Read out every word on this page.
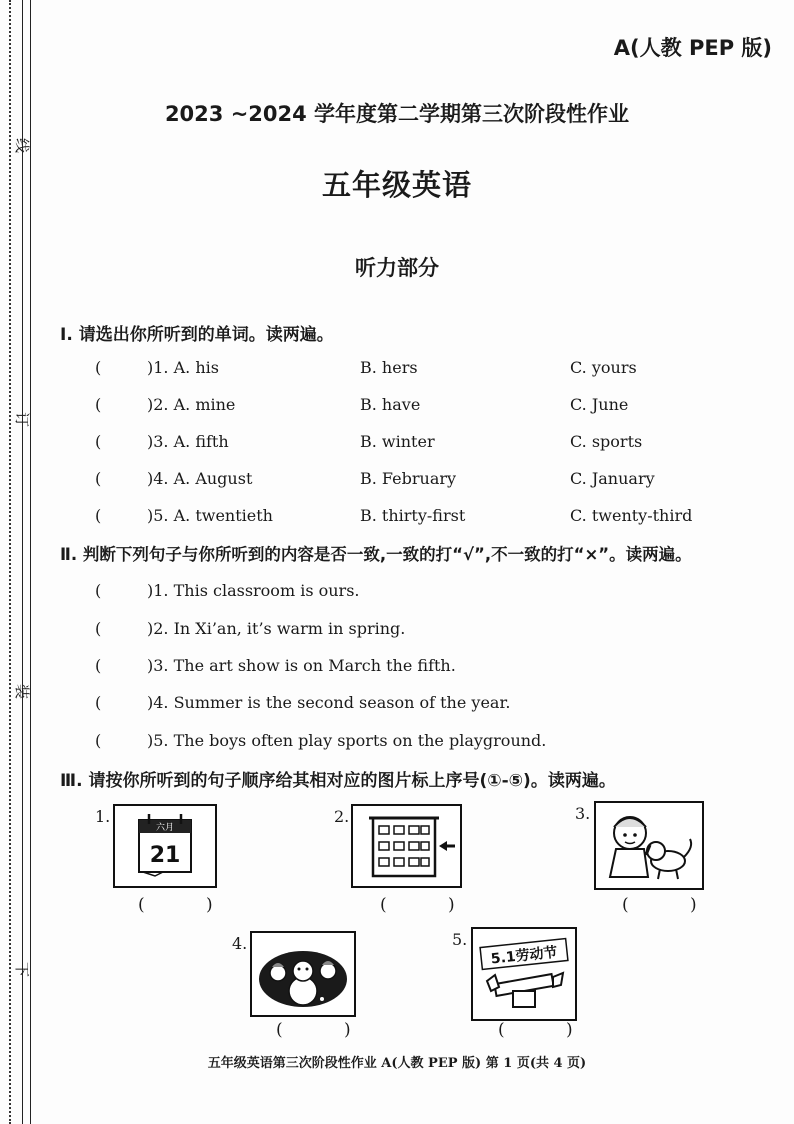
线
订
装
下
A(人教 PEP 版)
2023 ~2024 学年度第二学期第三次阶段性作业
五年级英语
听力部分
Ⅰ. 请选出你所听到的单词。读两遍。
(	)1. A. his	B. hers	C. yours
(	)2. A. mine	B. have	C. June
(	)3. A. fifth	B. winter	C. sports
(	)4. A. August	B. February	C. January
(	)5. A. twentieth	B. thirty-first	C. twenty-third
Ⅱ. 判断下列句子与你所听到的内容是否一致,一致的打“√”,不一致的打“×”。读两遍。
(	)1. This classroom is ours.
(	)2. In Xi’an, it’s warm in spring.
(	)3. The art show is on March the fifth.
(	)4. Summer is the second season of the year.
(	)5. The boys often play sports on the playground.
Ⅲ. 请按你所听到的句子顺序给其相对应的图片标上序号(①-⑤)。读两遍。
1.
六月
21
( )
2.
( )
3.
( )
4.
( )
5.
5.1劳动节
( )
五年级英语第三次阶段性作业 A(人教 PEP 版) 第 1 页(共 4 页)
